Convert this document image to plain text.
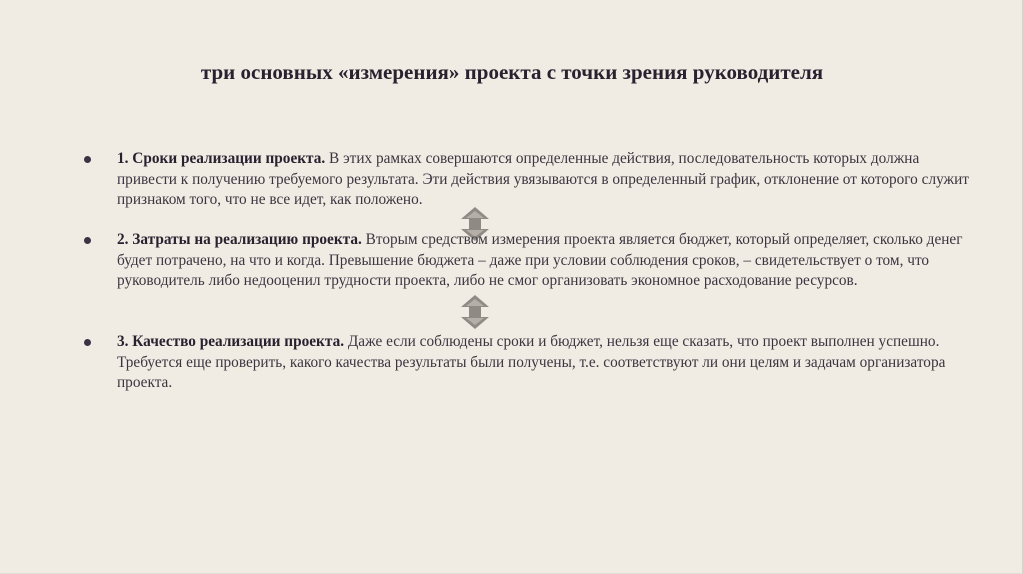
три основных «измерения» проекта с точки зрения руководителя

1. Сроки реализации проекта. В этих рамках совершаются определенные действия, последовательность которых должна привести к получению требуемого результата. Эти действия увязываются в определенный график, отклонение от которого служит признаком того, что не все идет, как положено.

2. Затраты на реализацию проекта. Вторым средством измерения проекта является бюджет, который определяет, сколько денег будет потрачено, на что и когда. Превышение бюджета – даже при условии соблюдения сроков, – свидетельствует о том, что руководитель либо недооценил трудности проекта, либо не смог организовать экономное расходование ресурсов.

3. Качество реализации проекта. Даже если соблюдены сроки и бюджет, нельзя еще сказать, что проект выполнен успешно. Требуется еще проверить, какого качества результаты были получены, т.е. соответствуют ли они целям и задачам организатора проекта.
